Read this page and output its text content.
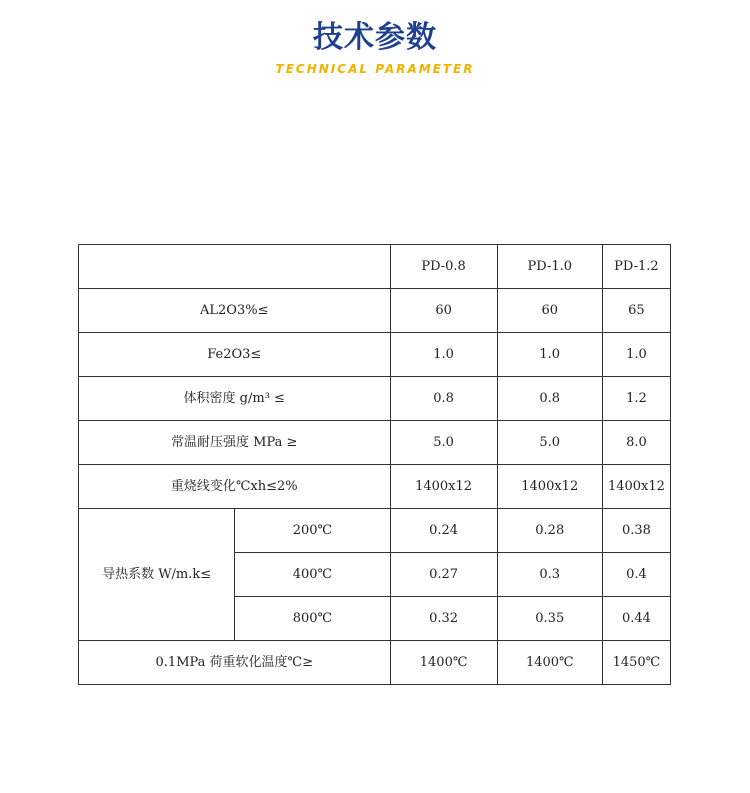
技术参数
TECHNICAL PARAMETER
		PD-0.8	PD-1.0	PD-1.2
AL2O3%≤		60	60	65
Fe2O3≤		1.0	1.0	1.0
体积密度 g/m³ ≤		0.8	0.8	1.2
常温耐压强度 MPa ≥		5.0	5.0	8.0
重烧线变化℃xh≤2%		1400x12	1400x12	1400x12
导热系数 W/m.k≤	200℃	0.24	0.28	0.38
	400℃	0.27	0.3	0.4
	800℃	0.32	0.35	0.44
0.1MPa 荷重软化温度℃≥		1400℃	1400℃	1450℃
